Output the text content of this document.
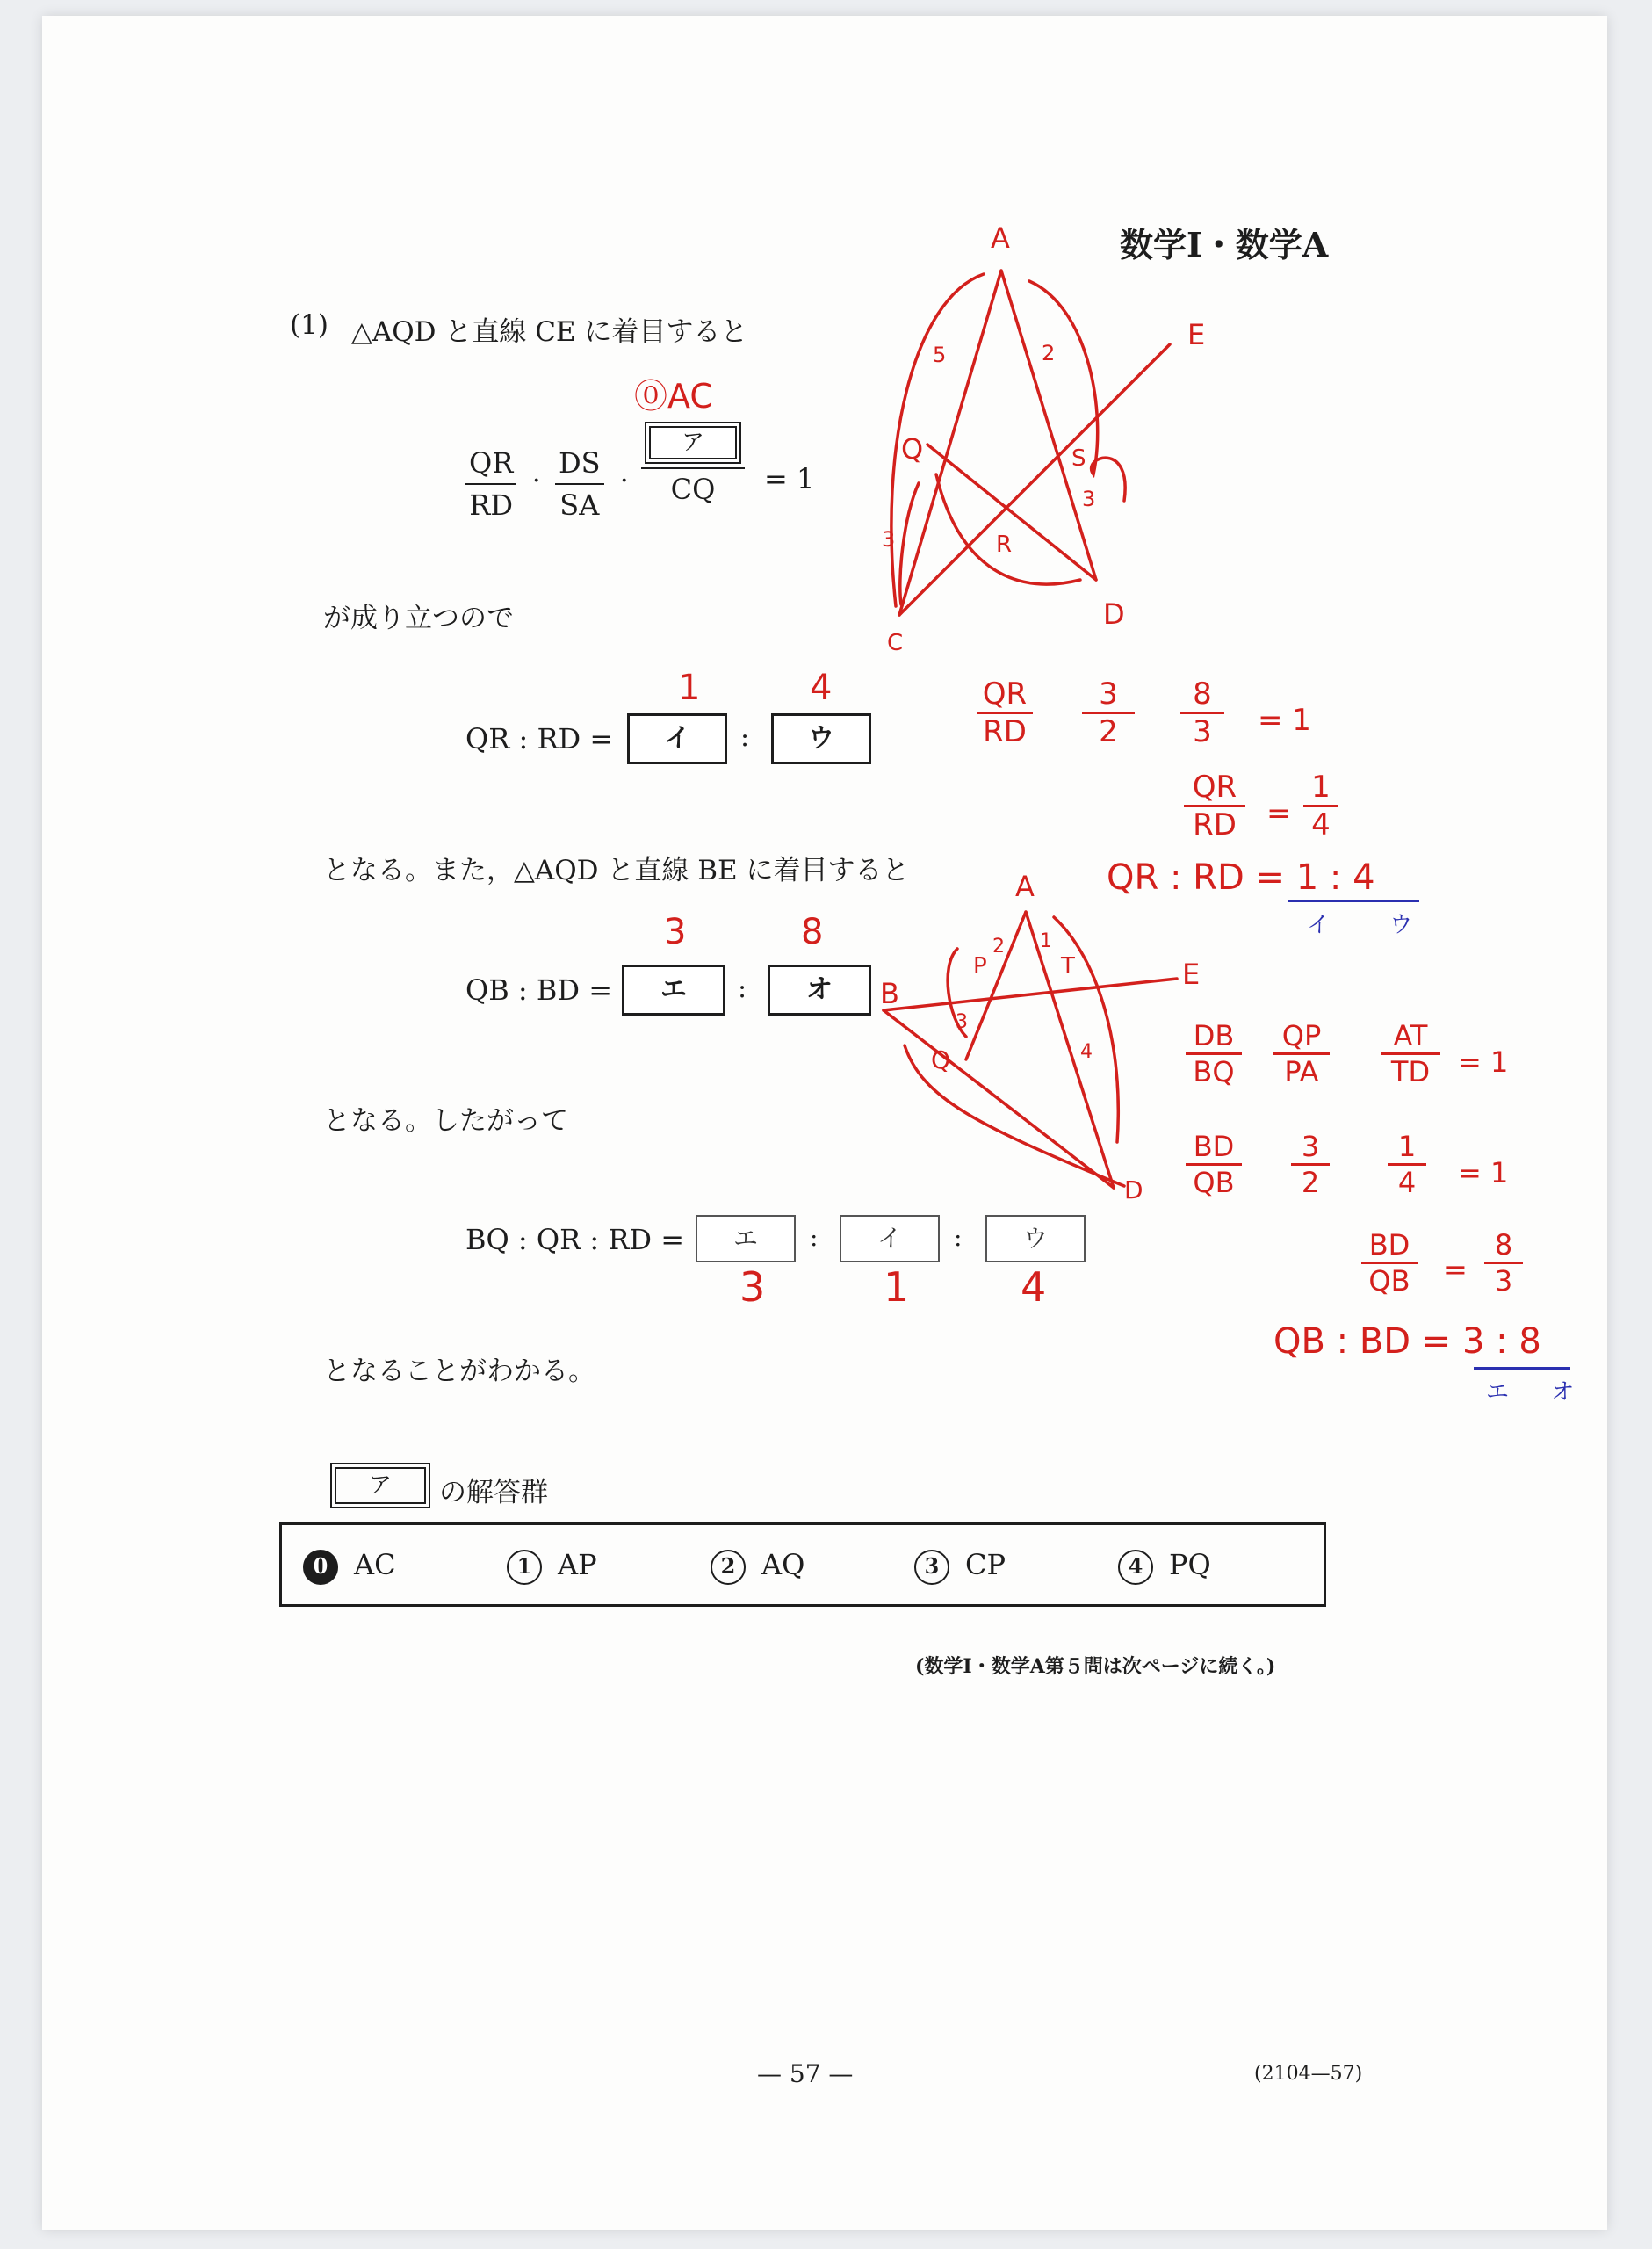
数学Ⅰ・数学A
(1) △AQD と直線 CE に着目すると
QR
RD
·
DS
SA
·
ア
CQ	= 1
が成り立つので
QR : RD =	イ	:	ウ
となる。また，△AQD と直線 BE に着目すると
QB : BD =	エ	:	オ
となる。したがって
BQ : QR : RD =	エ	:	イ	:	ウ
となることがわかる。
ア	の解答群
0 AC	1 AP	2 AQ	3 CP	4 PQ
(数学Ⅰ・数学A第５問は次ページに続く。)
— 57 —	(2104—57)
⓪AC
1	4
3	8
3	1	4
A
E
Q	S
R
C
D
5	2
3
3
A
E
B
P	T
Q
D
2 1
3
4
QR
RD
3
2
8
3	= 1
QR
RD =
1
4
QR : RD = 1 : 4
イ ウ
DB
BQ
QP
PA
AT
TD = 1
BD
QB
3
2
1
4	= 1
BD
QB =
8
3
QB : BD = 3 : 8
エ オ
